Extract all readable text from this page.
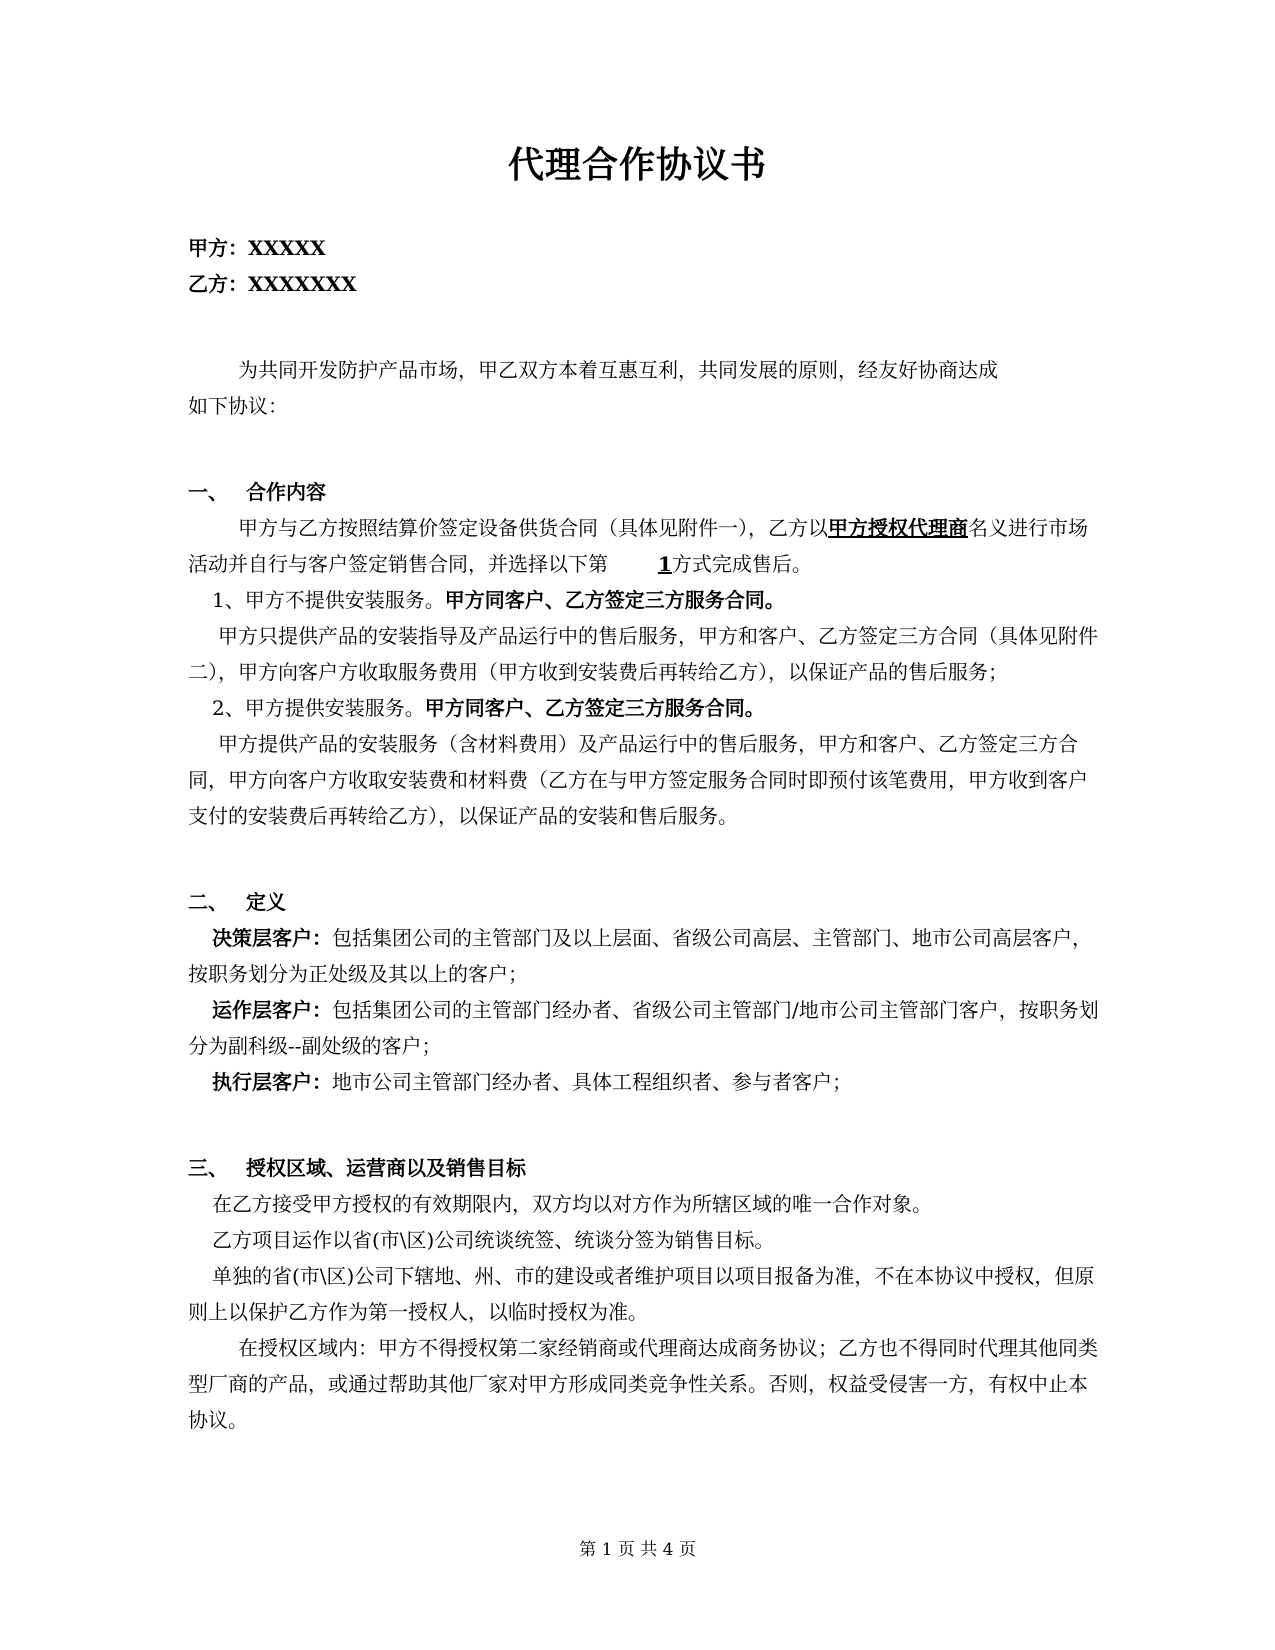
代理合作协议书

甲方：XXXXX

乙方：XXXXXXX

为共同开发防护产品市场，甲乙双方本着互惠互利，共同发展的原则，经友好协商达成

如下协议：

一、 合作内容

甲方与乙方按照结算价签定设备供货合同（具体见附件一），乙方以甲方授权代理商名义进行市场活动并自行与客户签定销售合同，并选择以下第	1方式完成售后。

1、甲方不提供安装服务。甲方同客户、乙方签定三方服务合同。

甲方只提供产品的安装指导及产品运行中的售后服务，甲方和客户、乙方签定三方合同（具体见附件二），甲方向客户方收取服务费用（甲方收到安装费后再转给乙方），以保证产品的售后服务；

2、甲方提供安装服务。甲方同客户、乙方签定三方服务合同。

甲方提供产品的安装服务（含材料费用）及产品运行中的售后服务，甲方和客户、乙方签定三方合同，甲方向客户方收取安装费和材料费（乙方在与甲方签定服务合同时即预付该笔费用，甲方收到客户支付的安装费后再转给乙方），以保证产品的安装和售后服务。

二、 定义

决策层客户：包括集团公司的主管部门及以上层面、省级公司高层、主管部门、地市公司高层客户，按职务划分为正处级及其以上的客户；

运作层客户：包括集团公司的主管部门经办者、省级公司主管部门/地市公司主管部门客户，按职务划分为副科级--副处级的客户；

执行层客户：地市公司主管部门经办者、具体工程组织者、参与者客户；

三、 授权区域、运营商以及销售目标

在乙方接受甲方授权的有效期限内，双方均以对方作为所辖区域的唯一合作对象。

乙方项目运作以省(市\区)公司统谈统签、统谈分签为销售目标。

单独的省(市\区)公司下辖地、州、市的建设或者维护项目以项目报备为准，不在本协议中授权，但原则上以保护乙方作为第一授权人，以临时授权为准。

在授权区域内：甲方不得授权第二家经销商或代理商达成商务协议；乙方也不得同时代理其他同类型厂商的产品，或通过帮助其他厂家对甲方形成同类竞争性关系。否则，权益受侵害一方，有权中止本协议。

第 1 页 共 4 页
